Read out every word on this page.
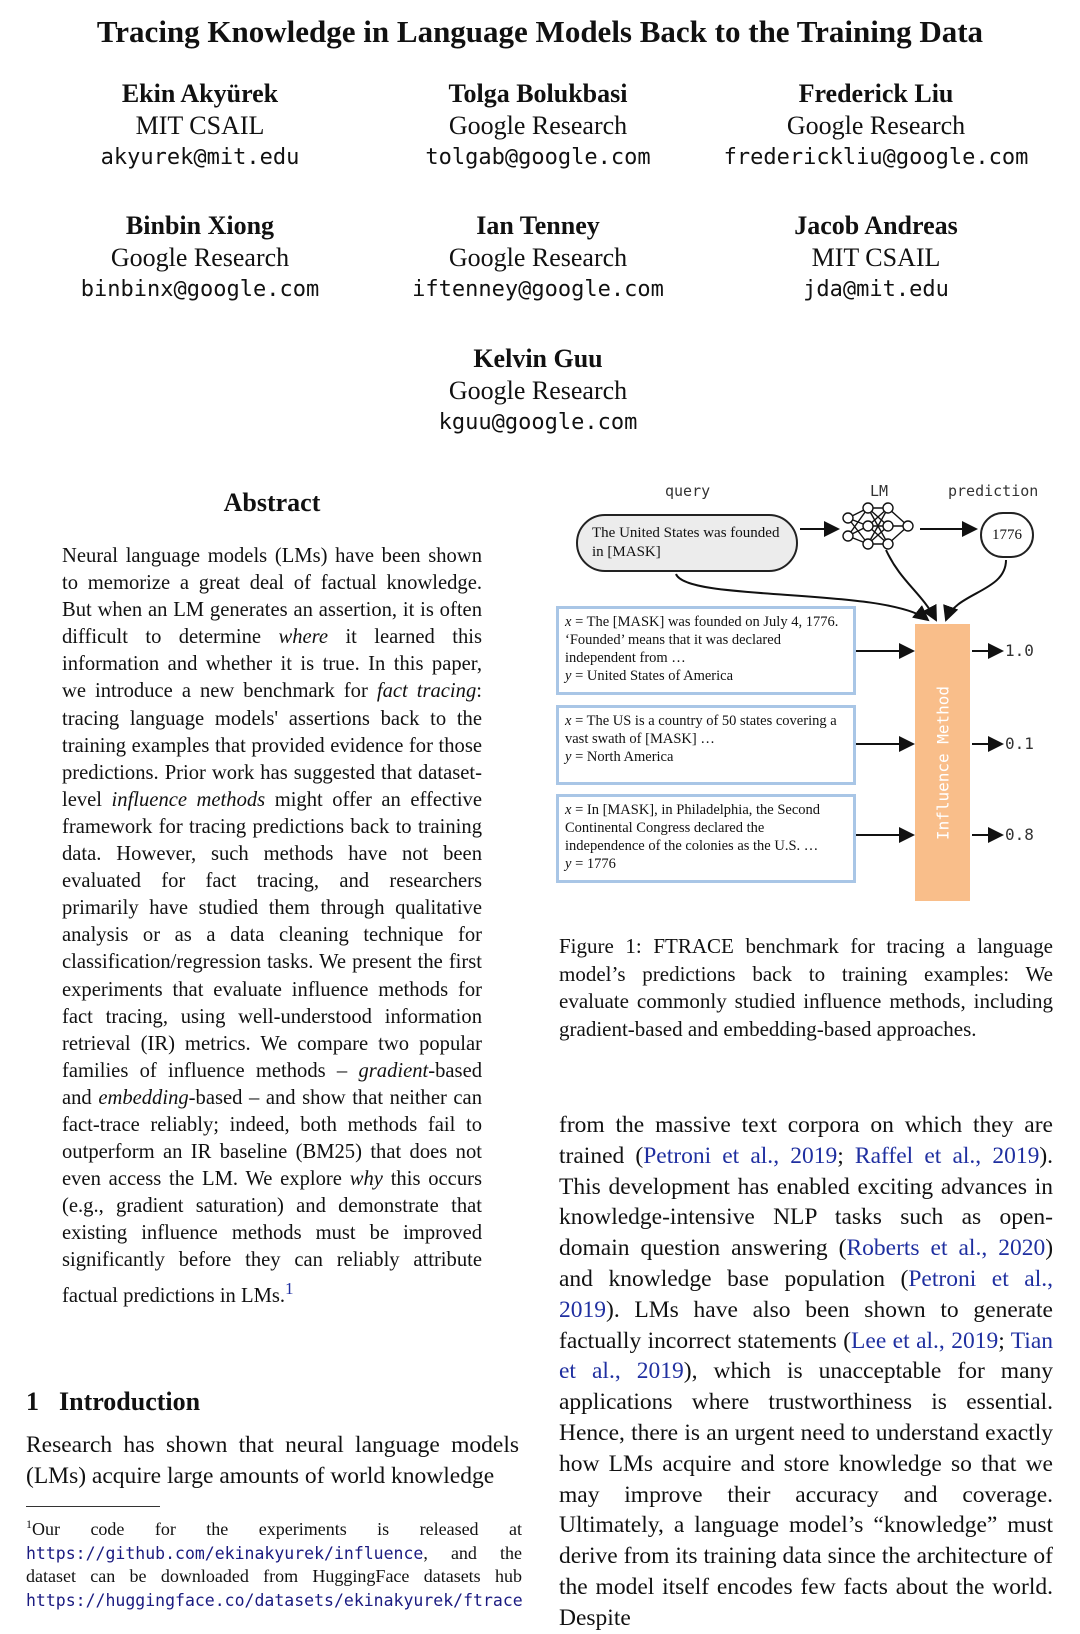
Tracing Knowledge in Language Models Back to the Training Data
Ekin Akyürek
MIT CSAIL
akyurek@mit.edu
Tolga Bolukbasi
Google Research
tolgab@google.com
Frederick Liu
Google Research
frederickliu@google.com
Binbin Xiong
Google Research
binbinx@google.com
Ian Tenney
Google Research
iftenney@google.com
Jacob Andreas
MIT CSAIL
jda@mit.edu
Kelvin Guu
Google Research
kguu@google.com
Abstract

Neural language models (LMs) have been shown to memorize a great deal of factual knowledge. But when an LM generates an assertion, it is often difficult to determine where it learned this information and whether it is true. In this paper, we introduce a new benchmark for fact tracing: tracing language models' assertions back to the training examples that provided evidence for those predictions. Prior work has suggested that dataset-level influence methods might offer an effective framework for tracing predictions back to training data. However, such methods have not been evaluated for fact tracing, and researchers primarily have studied them through qualitative analysis or as a data cleaning technique for classification/regression tasks. We present the first experiments that evaluate influence methods for fact tracing, using well-understood information retrieval (IR) metrics. We compare two popular families of influence methods – gradient-based and embedding-based – and show that neither can fact-trace reliably; indeed, both methods fail to outperform an IR baseline (BM25) that does not even access the LM. We explore why this occurs (e.g., gradient saturation) and demonstrate that existing influence methods must be improved significantly before they can reliably attribute factual predictions in LMs.$^1$

1 Introduction

Research has shown that neural language models (LMs) acquire large amounts of world knowledge

$^1$Our code for the experiments is released at https://github.com/ekinakyurek/influence, and the dataset can be downloaded from HuggingFace datasets hub https://huggingface.co/datasets/ekinakyurek/ftrace

query	LM	prediction
The United States was founded in [MASK]
1776

x = The [MASK] was founded on July 4, 1776. ‘Founded’ means that it was declared independent from …

y = United States of America

x = The US is a country of 50 states covering a vast swath of [MASK] …

y = North America

x = In [MASK], in Philadelphia, the Second Continental Congress declared the independence of the colonies as the U.S. …

y = 1776

Influence Method
1.0
0.1
0.8

Figure 1: FTRACE benchmark for tracing a language model’s predictions back to training examples: We evaluate commonly studied influence methods, including gradient-based and embedding-based approaches.

from the massive text corpora on which they are trained (Petroni et al., 2019; Raffel et al., 2019). This development has enabled exciting advances in knowledge-intensive NLP tasks such as open-domain question answering (Roberts et al., 2020) and knowledge base population (Petroni et al., 2019). LMs have also been shown to generate factually incorrect statements (Lee et al., 2019; Tian et al., 2019), which is unacceptable for many applications where trustworthiness is essential. Hence, there is an urgent need to understand exactly how LMs acquire and store knowledge so that we may improve their accuracy and coverage. Ultimately, a language model’s “knowledge” must derive from its training data since the architecture of the model itself encodes few facts about the world. Despite
